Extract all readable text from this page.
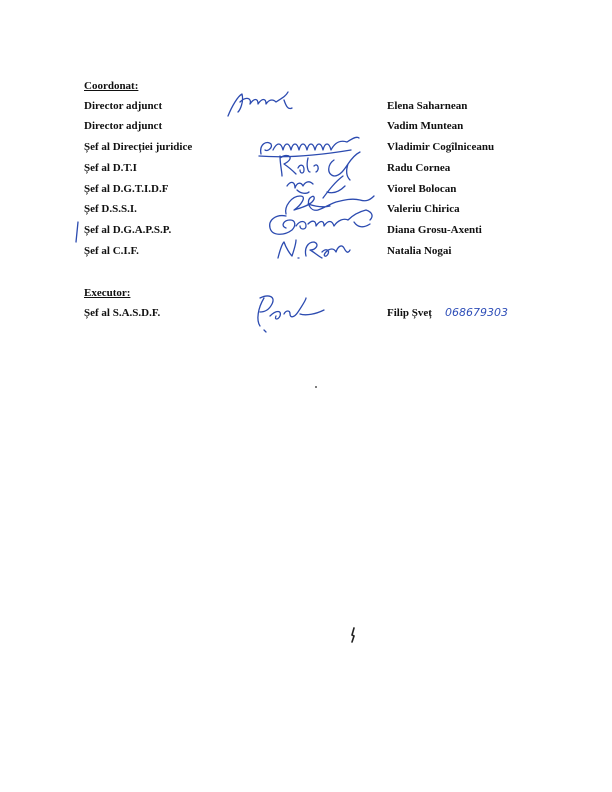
Coordonat:
Director adjunct
Director adjunct
Șef al Direcției juridice
Șef al D.T.I
Șef al D.G.T.I.D.F
Șef D.S.S.I.
Șef al D.G.A.P.S.P.
Șef al C.I.F.
Elena Saharnean
Vadim Muntean
Vladimir Cogîlniceanu
Radu Cornea
Viorel Bolocan
Valeriu Chirica
Diana Grosu-Axenti
Natalia Nogai
Executor:
Șef al S.A.S.D.F.	Filip Șveț 068679303
